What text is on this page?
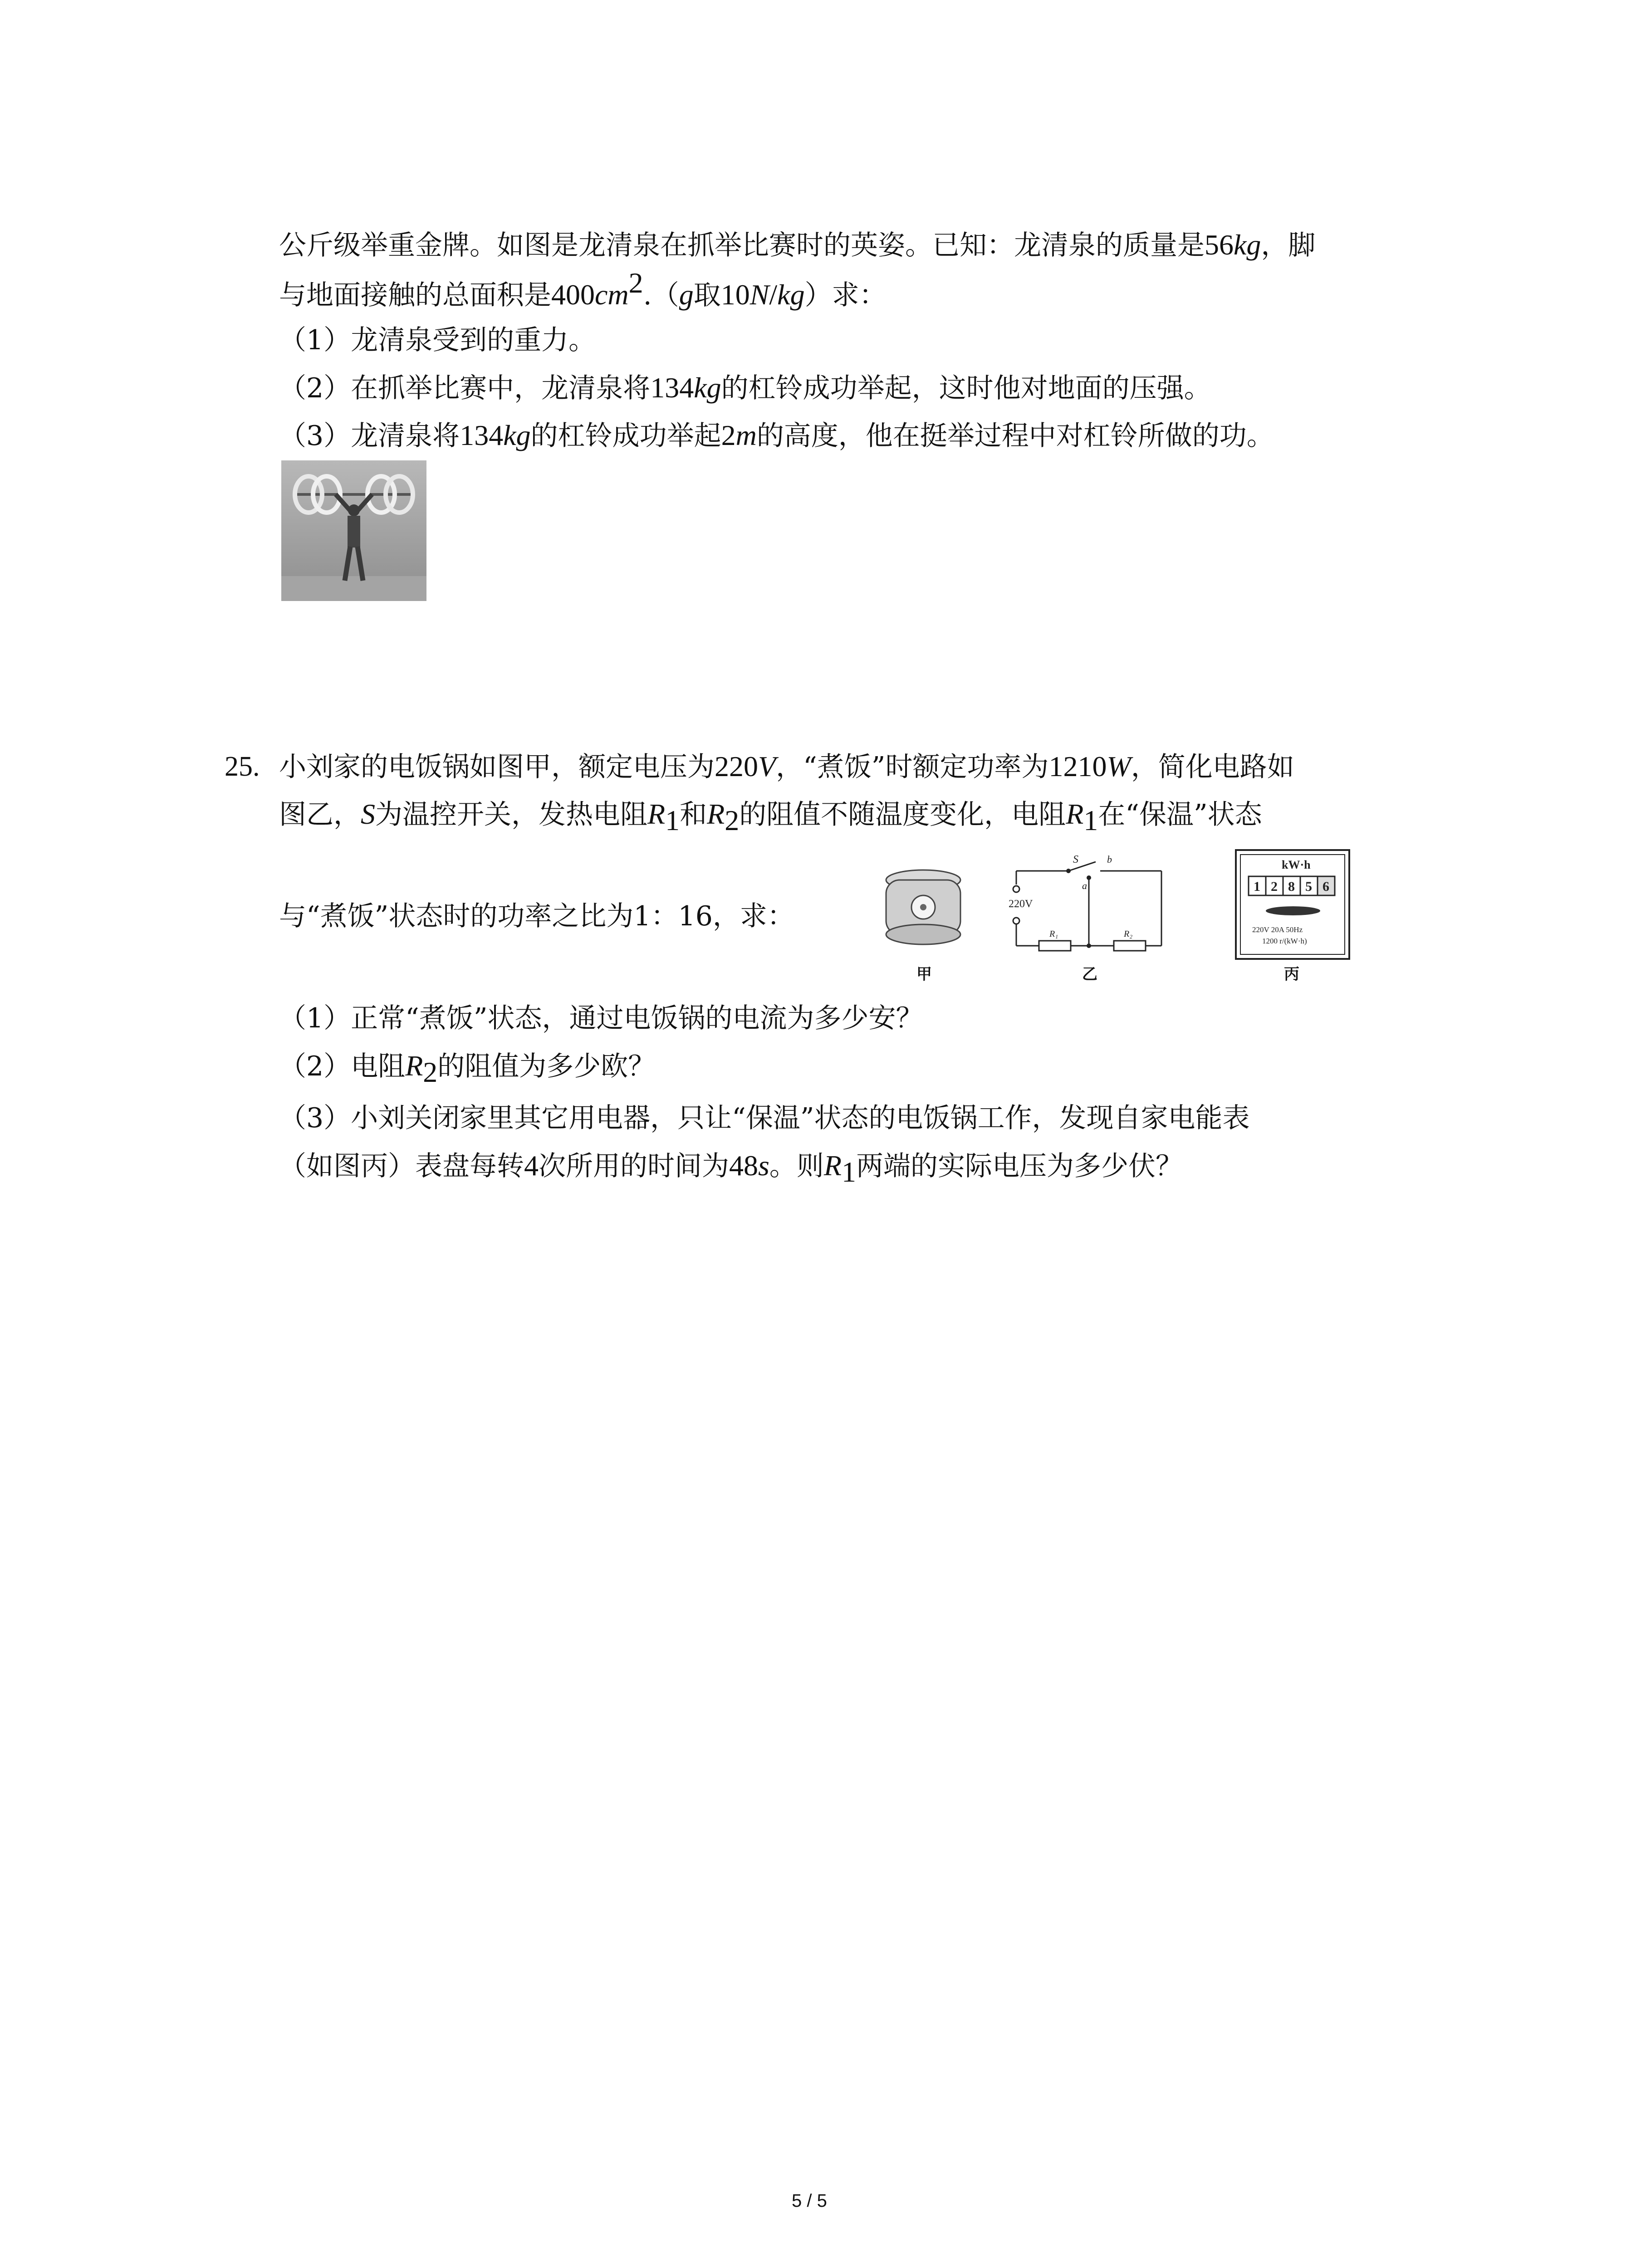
公斤级举重金牌。如图是龙清泉在抓举比赛时的英姿。已知：龙清泉的质量是56kg，脚
与地面接触的总面积是$400cm^2.(g$取10N/kg）求：
（1）龙清泉受到的重力。
（2）在抓举比赛中，龙清泉将134kg的杠铃成功举起，这时他对地面的压强。
（3）龙清泉将134kg的杠铃成功举起2m的高度，他在挺举过程中对杠铃所做的功。
25. 小刘家的电饭锅如图甲，额定电压为220V，“煮饭”时额定功率为1210W，简化电路如
图乙，S为温控开关，发热电阻$R_1$和$R_2$的阻值不随温度变化，电阻$R_1$在“保温”状态
与“煮饭”状态时的功率之比为1：16，求：
甲
220V
S	b
a
R₁	R₂
乙
kW·h
1 2 8 5 6
220V 20A 50Hz
1200 r/(kW·h)
丙
（1）正常“煮饭”状态，通过电饭锅的电流为多少安？
（2）电阻$R_2$的阻值为多少欧？
（3）小刘关闭家里其它用电器，只让“保温”状态的电饭锅工作，发现自家电能表
（如图丙）表盘每转4次所用的时间为48s。则$R_1$两端的实际电压为多少伏？
5 / 5
